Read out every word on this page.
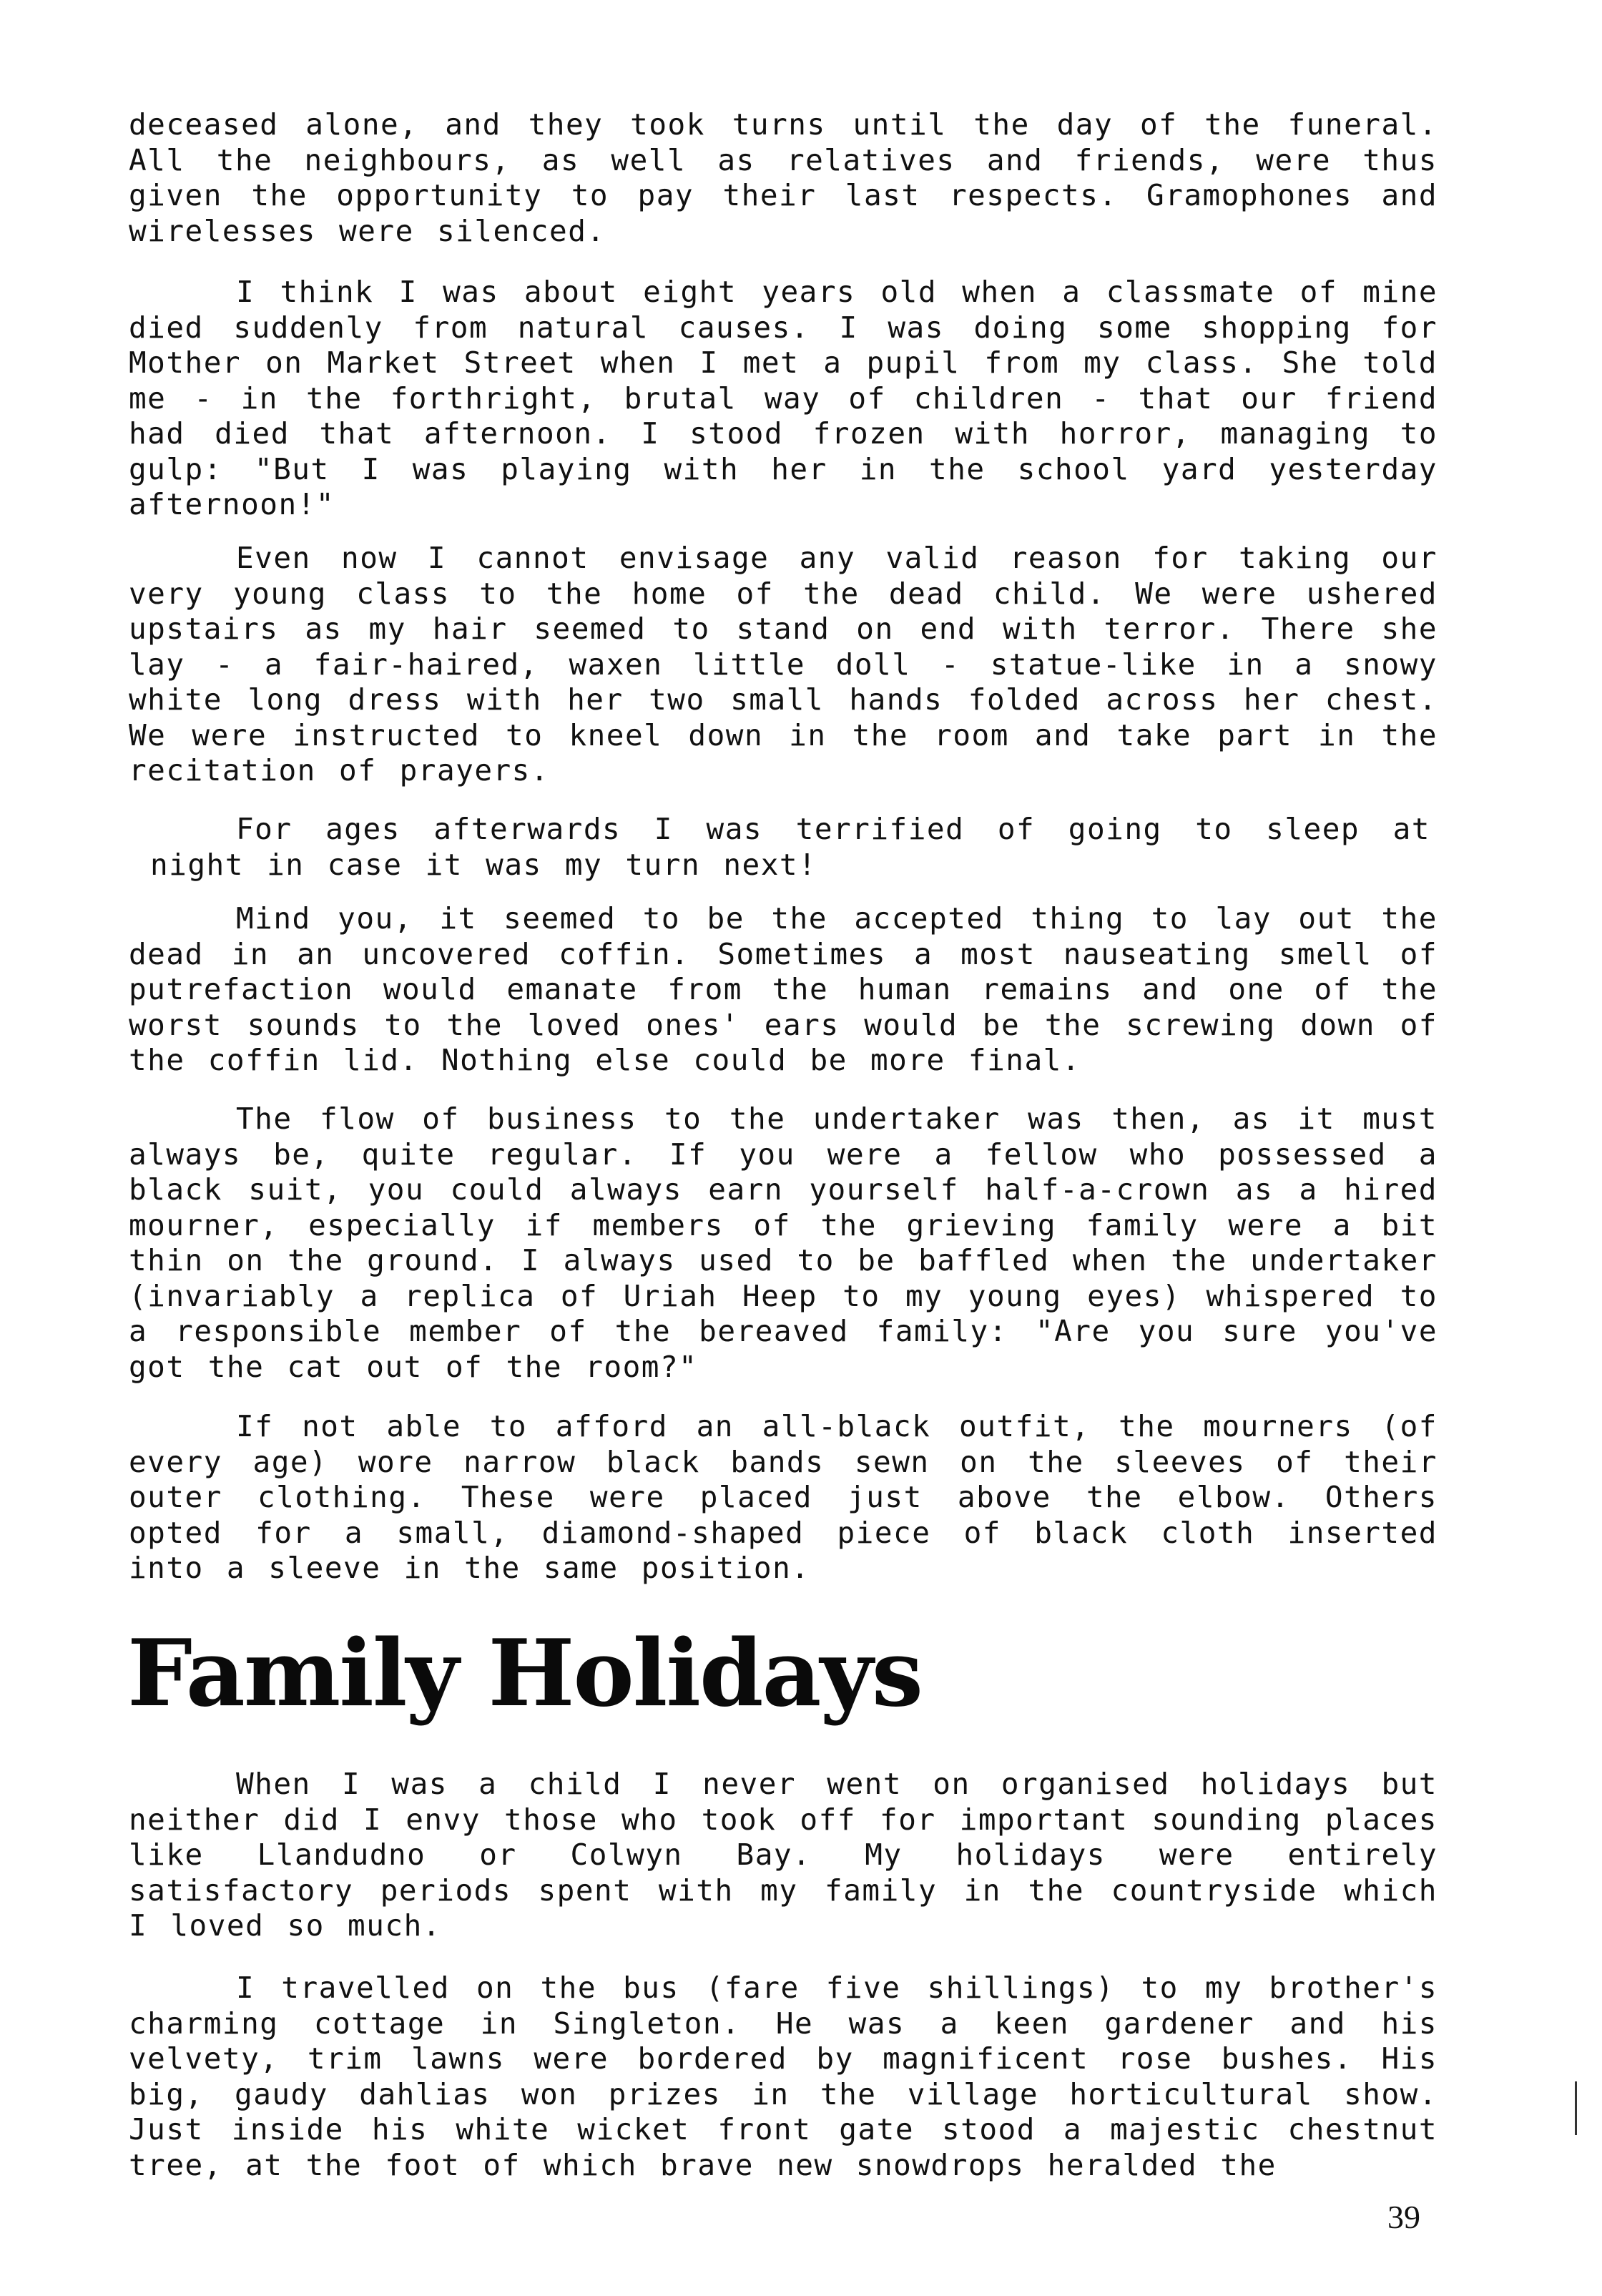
deceased alone, and they took turns until the day of the funeral. All the neighbours, as well as relatives and friends, were thus given the opportunity to pay their last respects. Gramophones and wirelesses were silenced.

I think I was about eight years old when a classmate of mine died suddenly from natural causes. I was doing some shopping for Mother on Market Street when I met a pupil from my class. She told me - in the forthright, brutal way of children - that our friend had died that afternoon. I stood frozen with horror, managing to gulp: "But I was playing with her in the school yard yesterday afternoon!"

Even now I cannot envisage any valid reason for taking our very young class to the home of the dead child. We were ushered upstairs as my hair seemed to stand on end with terror. There she lay - a fair-haired, waxen little doll - statue-like in a snowy white long dress with her two small hands folded across her chest. We were instructed to kneel down in the room and take part in the recitation of prayers.

For ages afterwards I was terrified of going to sleep at night in case it was my turn next!

Mind you, it seemed to be the accepted thing to lay out the dead in an uncovered coffin. Sometimes a most nauseating smell of putrefaction would emanate from the human remains and one of the worst sounds to the loved ones' ears would be the screwing down of the coffin lid. Nothing else could be more final.

The flow of business to the undertaker was then, as it must always be, quite regular. If you were a fellow who possessed a black suit, you could always earn yourself half-a-crown as a hired mourner, especially if members of the grieving family were a bit thin on the ground. I always used to be baffled when the undertaker (invariably a replica of Uriah Heep to my young eyes) whispered to a responsible member of the bereaved family: "Are you sure you've got the cat out of the room?"

If not able to afford an all-black outfit, the mourners (of every age) wore narrow black bands sewn on the sleeves of their outer clothing. These were placed just above the elbow. Others opted for a small, diamond-shaped piece of black cloth inserted into a sleeve in the same position.

Family Holidays

When I was a child I never went on organised holidays but neither did I envy those who took off for important sounding places like Llandudno or Colwyn Bay. My holidays were entirely satisfactory periods spent with my family in the countryside which I loved so much.

I travelled on the bus (fare five shillings) to my brother's charming cottage in Singleton. He was a keen gardener and his velvety, trim lawns were bordered by magnificent rose bushes. His big, gaudy dahlias won prizes in the village horticultural show. Just inside his white wicket front gate stood a majestic chestnut tree, at the foot of which brave new snowdrops heralded the

39
